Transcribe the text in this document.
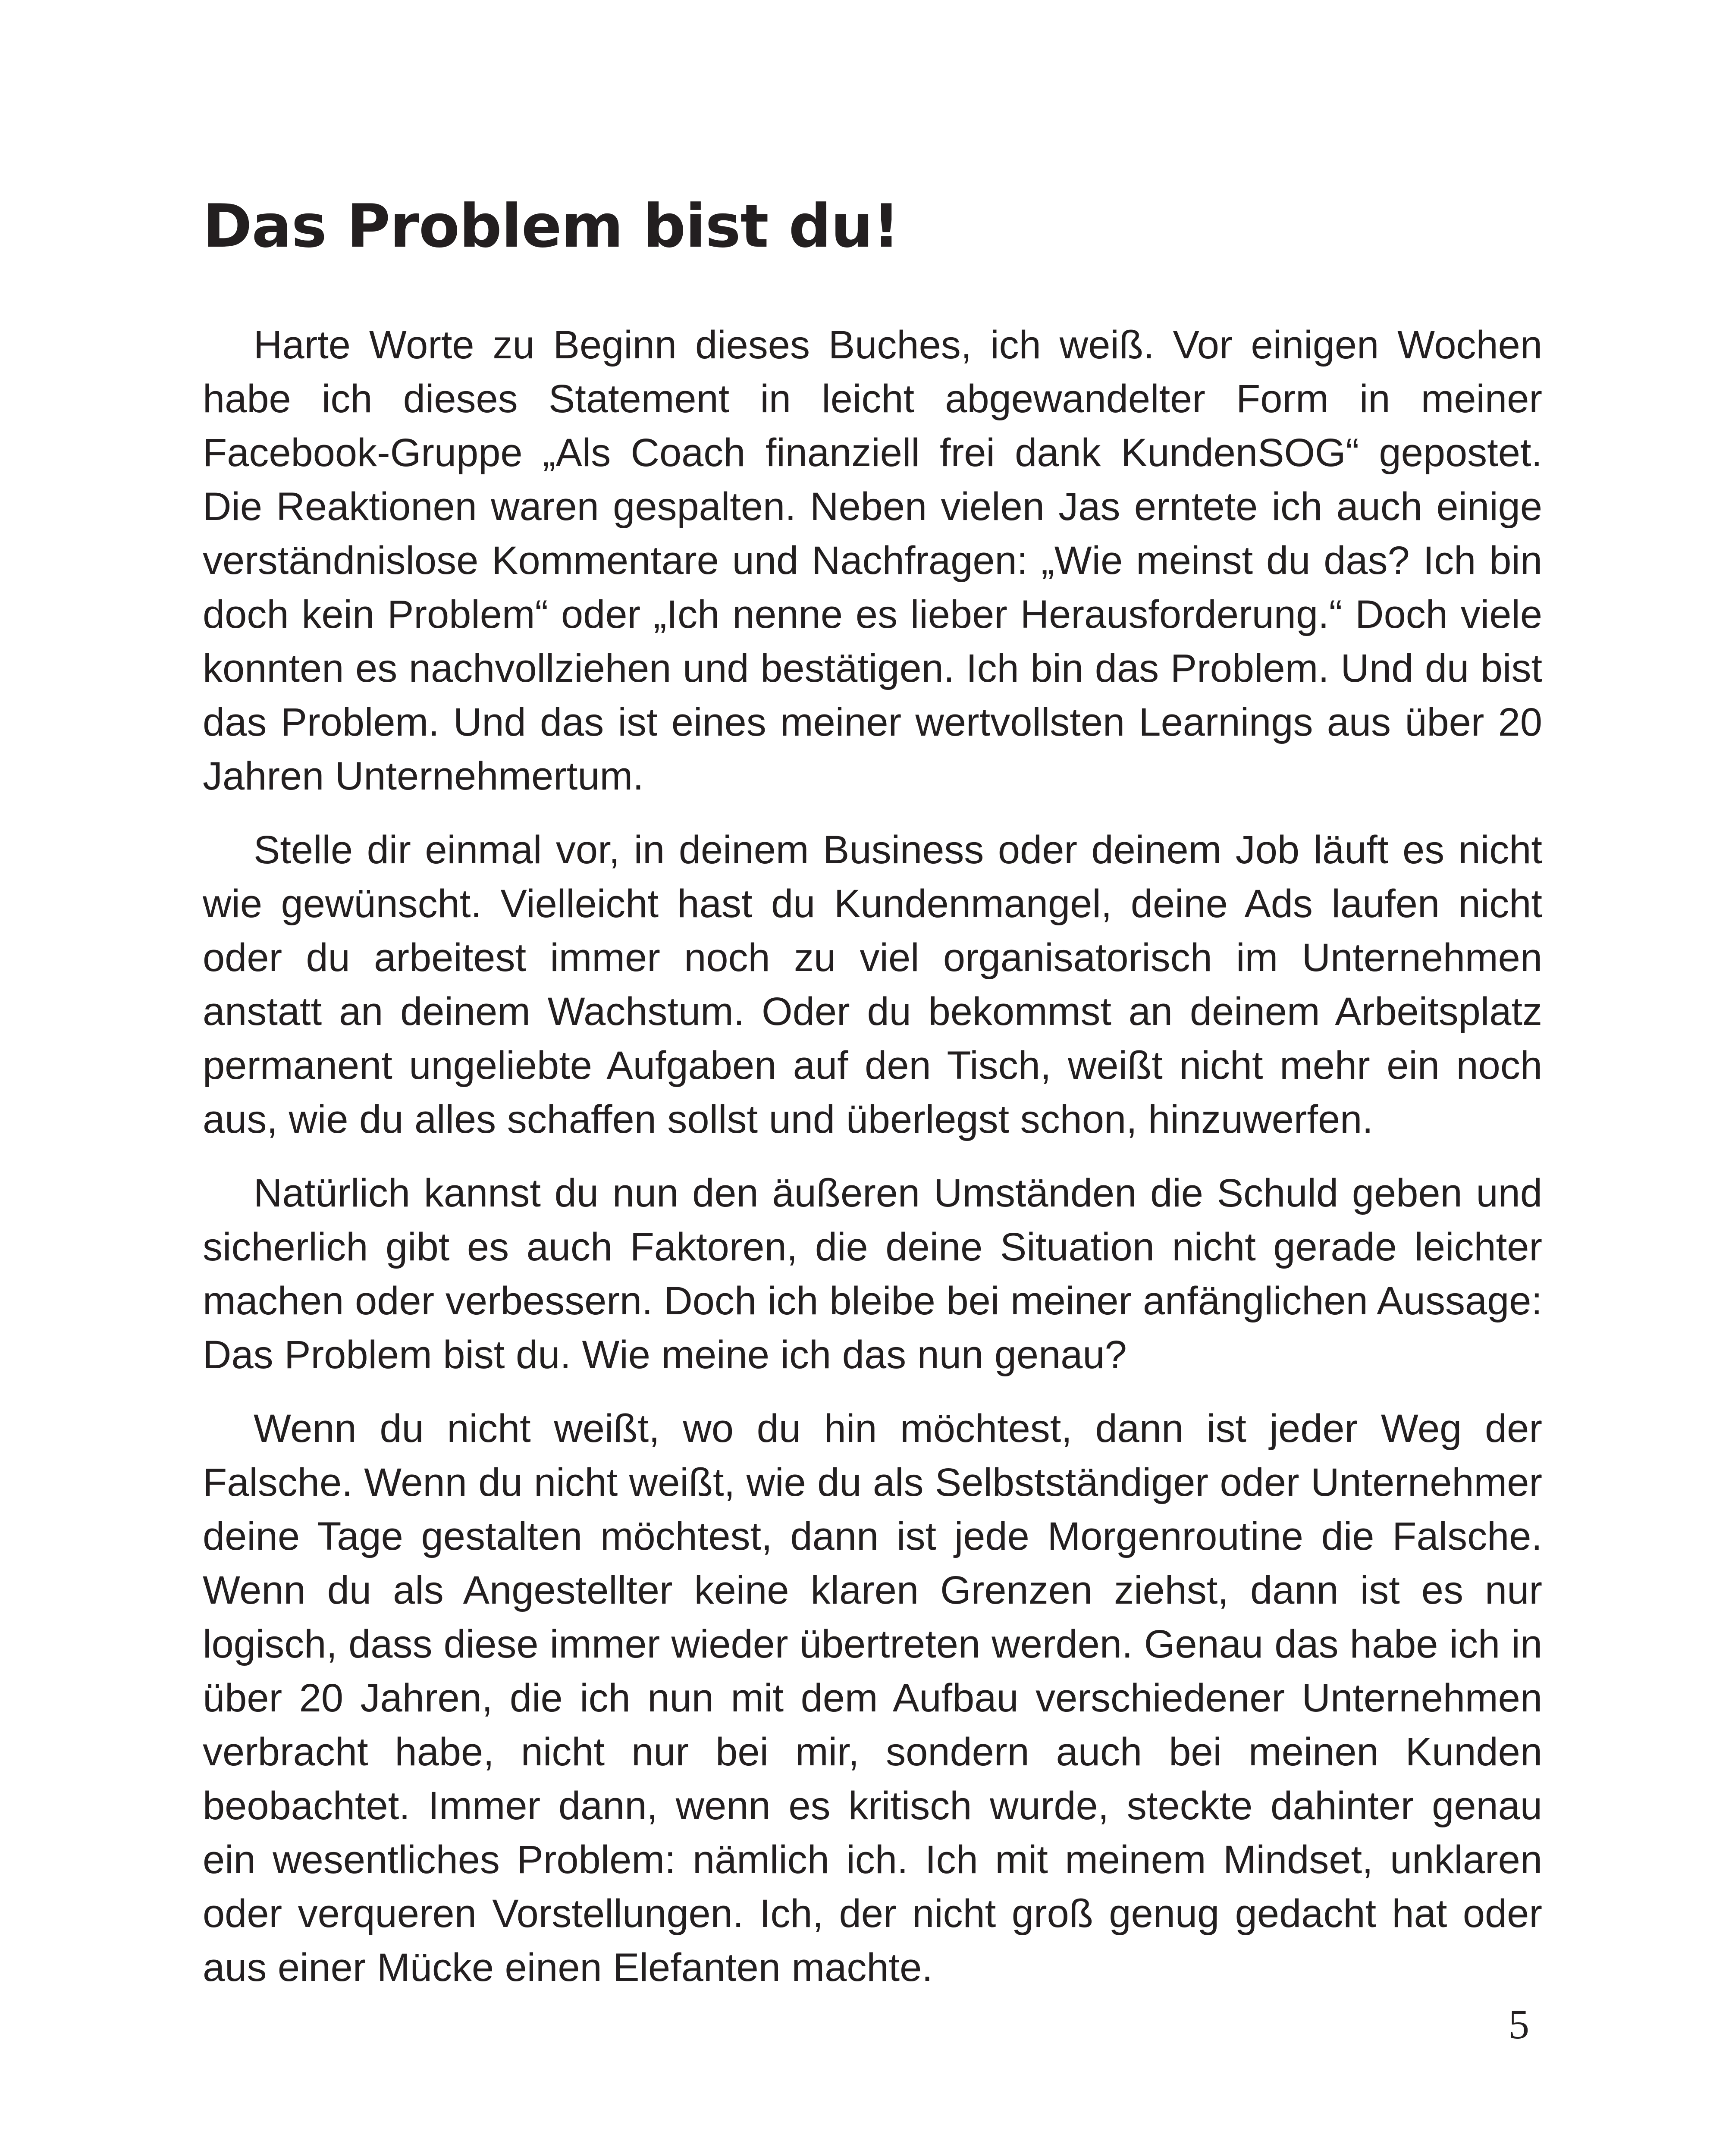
Das Problem bist du!

Harte Worte zu Beginn dieses Buches, ich weiß. Vor einigen Wochen habe ich dieses Statement in leicht abgewandelter Form in meiner Facebook-Gruppe „Als Coach finanziell frei dank KundenSOG“ gepostet. Die Reaktionen waren gespalten. Neben vielen Jas erntete ich auch einige verständnislose Kommentare und Nachfragen: „Wie meinst du das? Ich bin doch kein Problem“ oder „Ich nenne es lieber Herausforderung.“ Doch viele konnten es nachvollziehen und bestätigen. Ich bin das Problem. Und du bist das Problem. Und das ist eines meiner wertvollsten Learnings aus über 20 Jahren Unternehmertum.

Stelle dir einmal vor, in deinem Business oder deinem Job läuft es nicht wie gewünscht. Vielleicht hast du Kundenmangel, deine Ads laufen nicht oder du arbeitest immer noch zu viel organisatorisch im Unternehmen anstatt an deinem Wachstum. Oder du bekommst an deinem Arbeitsplatz permanent ungeliebte Aufgaben auf den Tisch, weißt nicht mehr ein noch aus, wie du alles schaffen sollst und überlegst schon, hinzuwerfen.

Natürlich kannst du nun den äußeren Umständen die Schuld geben und sicherlich gibt es auch Faktoren, die deine Situation nicht gerade leichter machen oder verbessern. Doch ich bleibe bei meiner anfänglichen Aussage: Das Problem bist du. Wie meine ich das nun genau?

Wenn du nicht weißt, wo du hin möchtest, dann ist jeder Weg der Falsche. Wenn du nicht weißt, wie du als Selbstständiger oder Unternehmer deine Tage gestalten möchtest, dann ist jede Morgenroutine die Falsche. Wenn du als Angestellter keine klaren Grenzen ziehst, dann ist es nur logisch, dass diese immer wieder übertreten werden. Genau das habe ich in über 20 Jahren, die ich nun mit dem Aufbau verschiedener Unternehmen verbracht habe, nicht nur bei mir, sondern auch bei meinen Kunden beobachtet. Immer dann, wenn es kritisch wurde, steckte dahinter genau ein wesentliches Problem: nämlich ich. Ich mit meinem Mindset, unklaren oder verqueren Vorstellungen. Ich, der nicht groß genug gedacht hat oder aus einer Mücke einen Elefanten machte.

5
